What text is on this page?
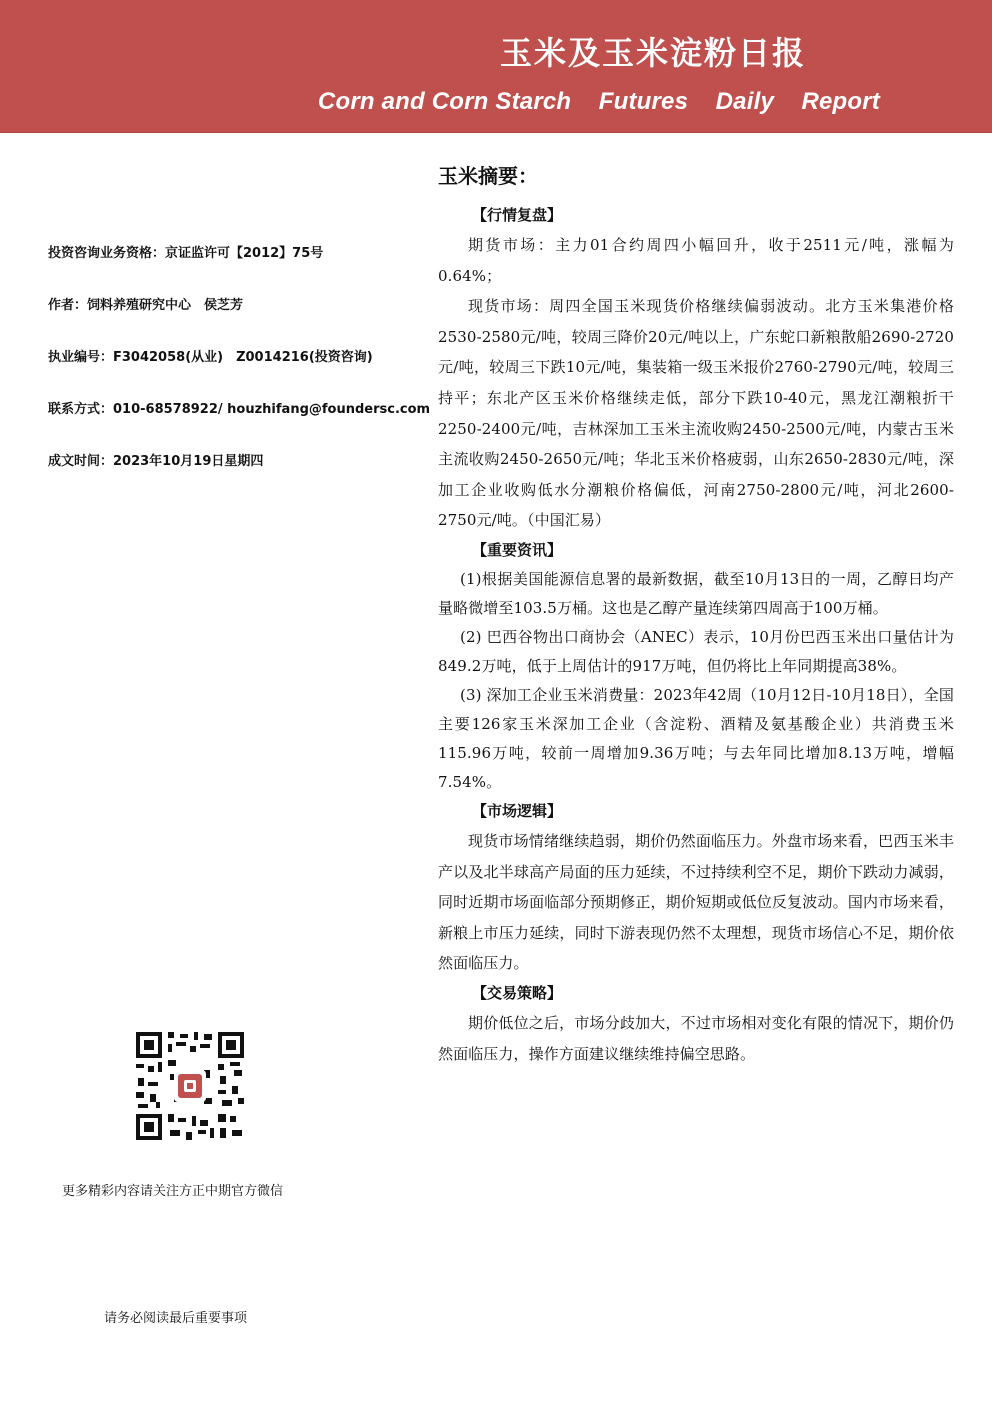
玉米及玉米淀粉日报
Corn and Corn Starch    Futures    Daily    Report
投资咨询业务资格：京证监许可【2012】75号
作者：饲料养殖研究中心　侯芝芳
执业编号：F3042058(从业)　Z0014216(投资咨询)
联系方式：010-68578922/ houzhifang@foundersc.com
成文时间：2023年10月19日星期四
更多精彩内容请关注方正中期官方微信
请务必阅读最后重要事项
玉米摘要：

【行情复盘】

期货市场：主力01合约周四小幅回升，收于2511元/吨，涨幅为0.64%；

现货市场：周四全国玉米现货价格继续偏弱波动。北方玉米集港价格2530-2580元/吨，较周三降价20元/吨以上，广东蛇口新粮散船2690-2720元/吨，较周三下跌10元/吨，集装箱一级玉米报价2760-2790元/吨，较周三持平；东北产区玉米价格继续走低，部分下跌10-40元，黑龙江潮粮折干2250-2400元/吨，吉林深加工玉米主流收购2450-2500元/吨，内蒙古玉米主流收购2450-2650元/吨；华北玉米价格疲弱，山东2650-2830元/吨，深加工企业收购低水分潮粮价格偏低，河南2750-2800元/吨，河北2600-2750元/吨。（中国汇易）

【重要资讯】

(1)根据美国能源信息署的最新数据，截至10月13日的一周，乙醇日均产量略微增至103.5万桶。这也是乙醇产量连续第四周高于100万桶。

(2) 巴西谷物出口商协会（ANEC）表示，10月份巴西玉米出口量估计为849.2万吨，低于上周估计的917万吨，但仍将比上年同期提高38%。

(3) 深加工企业玉米消费量：2023年42周（10月12日-10月18日），全国主要126家玉米深加工企业（含淀粉、酒精及氨基酸企业）共消费玉米115.96万吨，较前一周增加9.36万吨；与去年同比增加8.13万吨，增幅7.54%。

【市场逻辑】

现货市场情绪继续趋弱，期价仍然面临压力。外盘市场来看，巴西玉米丰产以及北半球高产局面的压力延续，不过持续利空不足，期价下跌动力减弱，同时近期市场面临部分预期修正，期价短期或低位反复波动。国内市场来看，新粮上市压力延续，同时下游表现仍然不太理想，现货市场信心不足，期价依然面临压力。

【交易策略】

期价低位之后，市场分歧加大，不过市场相对变化有限的情况下，期价仍然面临压力，操作方面建议继续维持偏空思路。
